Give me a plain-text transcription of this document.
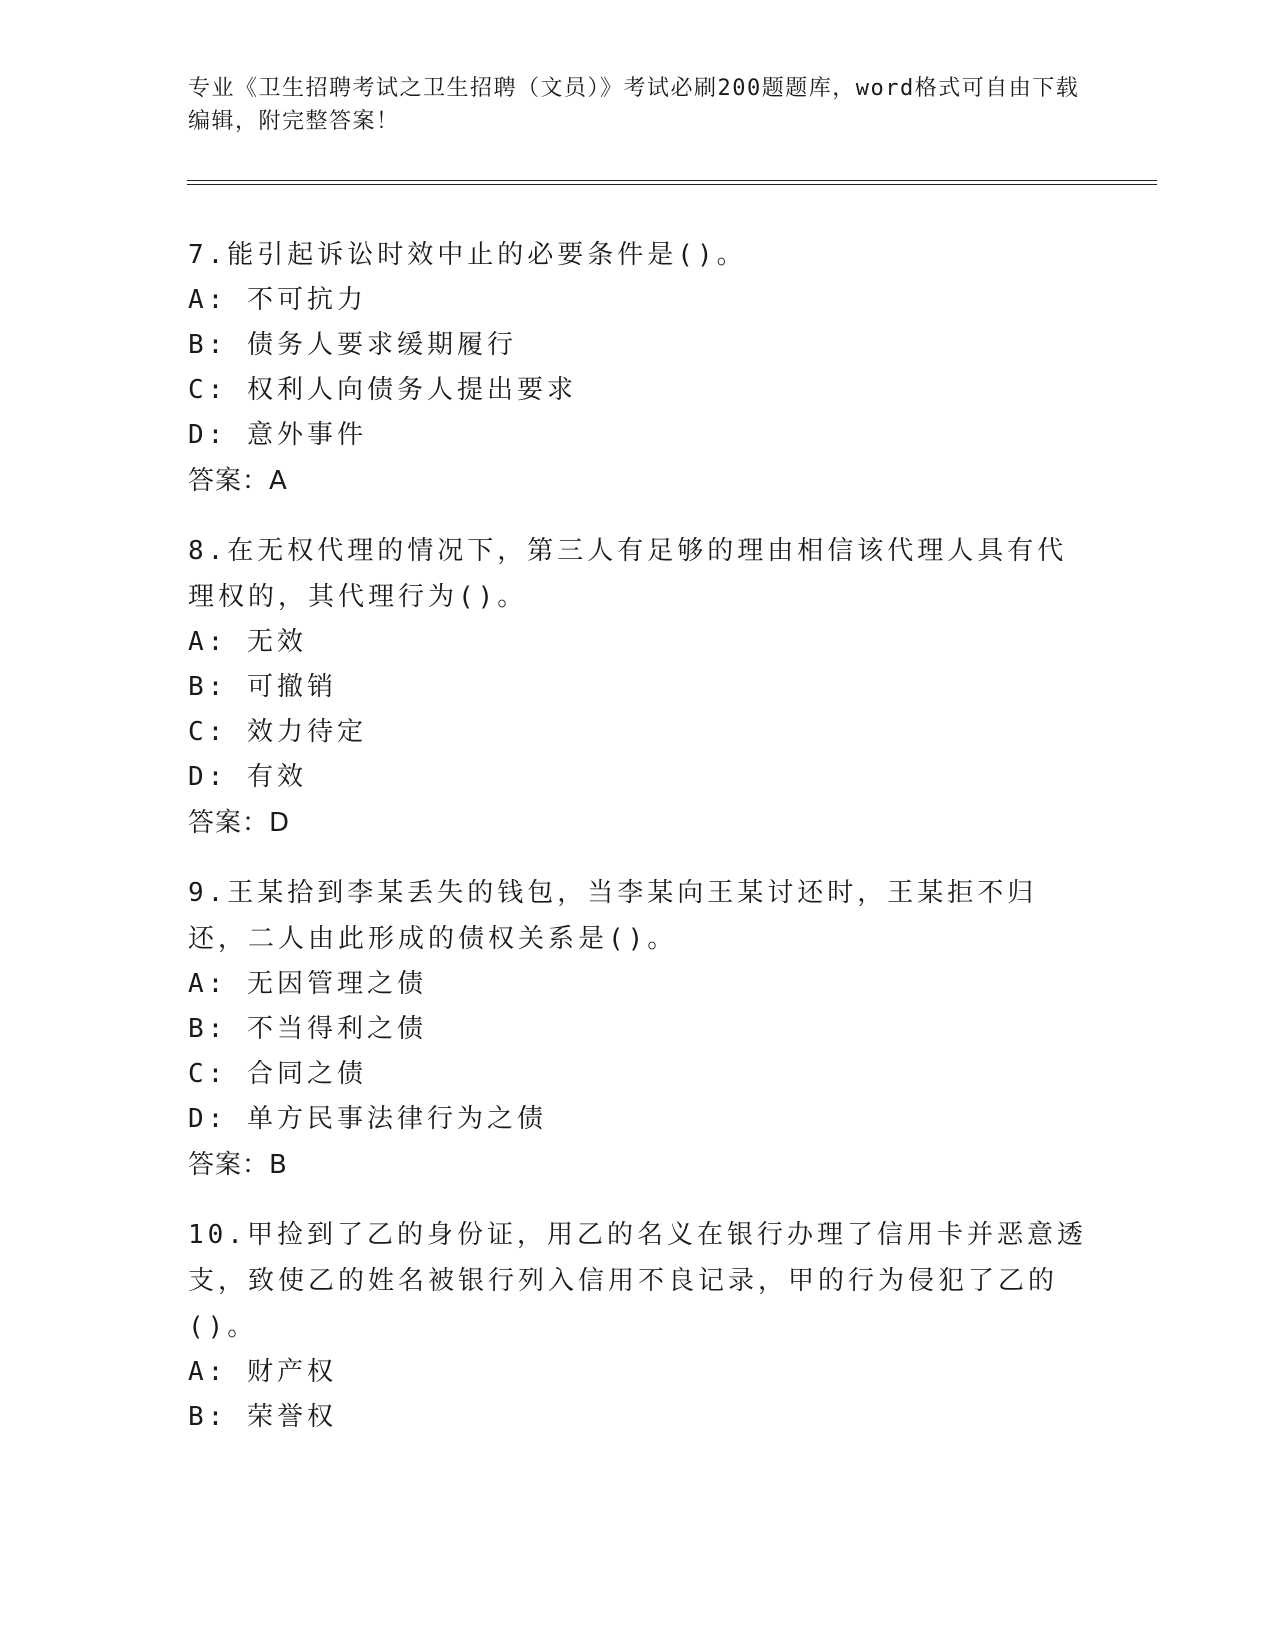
专业《卫生招聘考试之卫生招聘（文员）》考试必刷200题题库，word格式可自由下载编辑，附完整答案！
7.能引起诉讼时效中止的必要条件是()。
A: 不可抗力
B: 债务人要求缓期履行
C: 权利人向债务人提出要求
D: 意外事件
答案：A
8.在无权代理的情况下，第三人有足够的理由相信该代理人具有代理权的，其代理行为()。
A: 无效
B: 可撤销
C: 效力待定
D: 有效
答案：D
9.王某拾到李某丢失的钱包，当李某向王某讨还时，王某拒不归还，二人由此形成的债权关系是()。
A: 无因管理之债
B: 不当得利之债
C: 合同之债
D: 单方民事法律行为之债
答案：B
10.甲捡到了乙的身份证，用乙的名义在银行办理了信用卡并恶意透支，致使乙的姓名被银行列入信用不良记录，甲的行为侵犯了乙的()。
A: 财产权
B: 荣誉权
